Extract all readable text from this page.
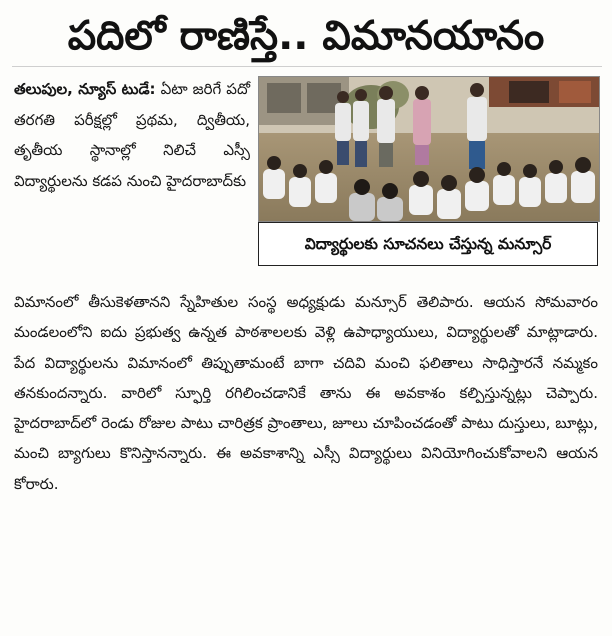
పదిలో రాణిస్తే.. విమానయానం

తలుపుల, న్యూస్ టుడే: ఏటా జరిగే పదో తరగతి పరీక్షల్లో ప్రథమ, ద్వితీయ, తృతీయ స్థానాల్లో నిలిచే ఎస్సీ విద్యార్థులను కడప నుంచి హైదరాబాద్‌కు

విద్యార్థులకు సూచనలు చేస్తున్న మన్సూర్

విమానంలో తీసుకెళతానని స్నేహితుల సంస్థ అధ్యక్షుడు మన్సూర్ తెలిపారు. ఆయన సోమవారం మండలంలోని ఐదు ప్రభుత్వ ఉన్నత పాఠశాలలకు వెళ్లి ఉపాధ్యాయులు, విద్యార్థులతో మాట్లాడారు. పేద విద్యార్థులను విమానంలో తిప్పుతామంటే బాగా చదివి మంచి ఫలితాలు సాధిస్తారనే నమ్మకం తనకుందన్నారు. వారిలో స్ఫూర్తి రగిలించడానికే తాను ఈ అవకాశం కల్పిస్తున్నట్లు చెప్పారు. హైదరాబాద్‌లో రెండు రోజుల పాటు చారిత్రక ప్రాంతాలు, జూలు చూపించడంతో పాటు దుస్తులు, బూట్లు, మంచి బ్యాగులు కొనిస్తానన్నారు. ఈ అవకాశాన్ని ఎస్సీ విద్యార్థులు వినియోగించుకోవాలని ఆయన కోరారు.
